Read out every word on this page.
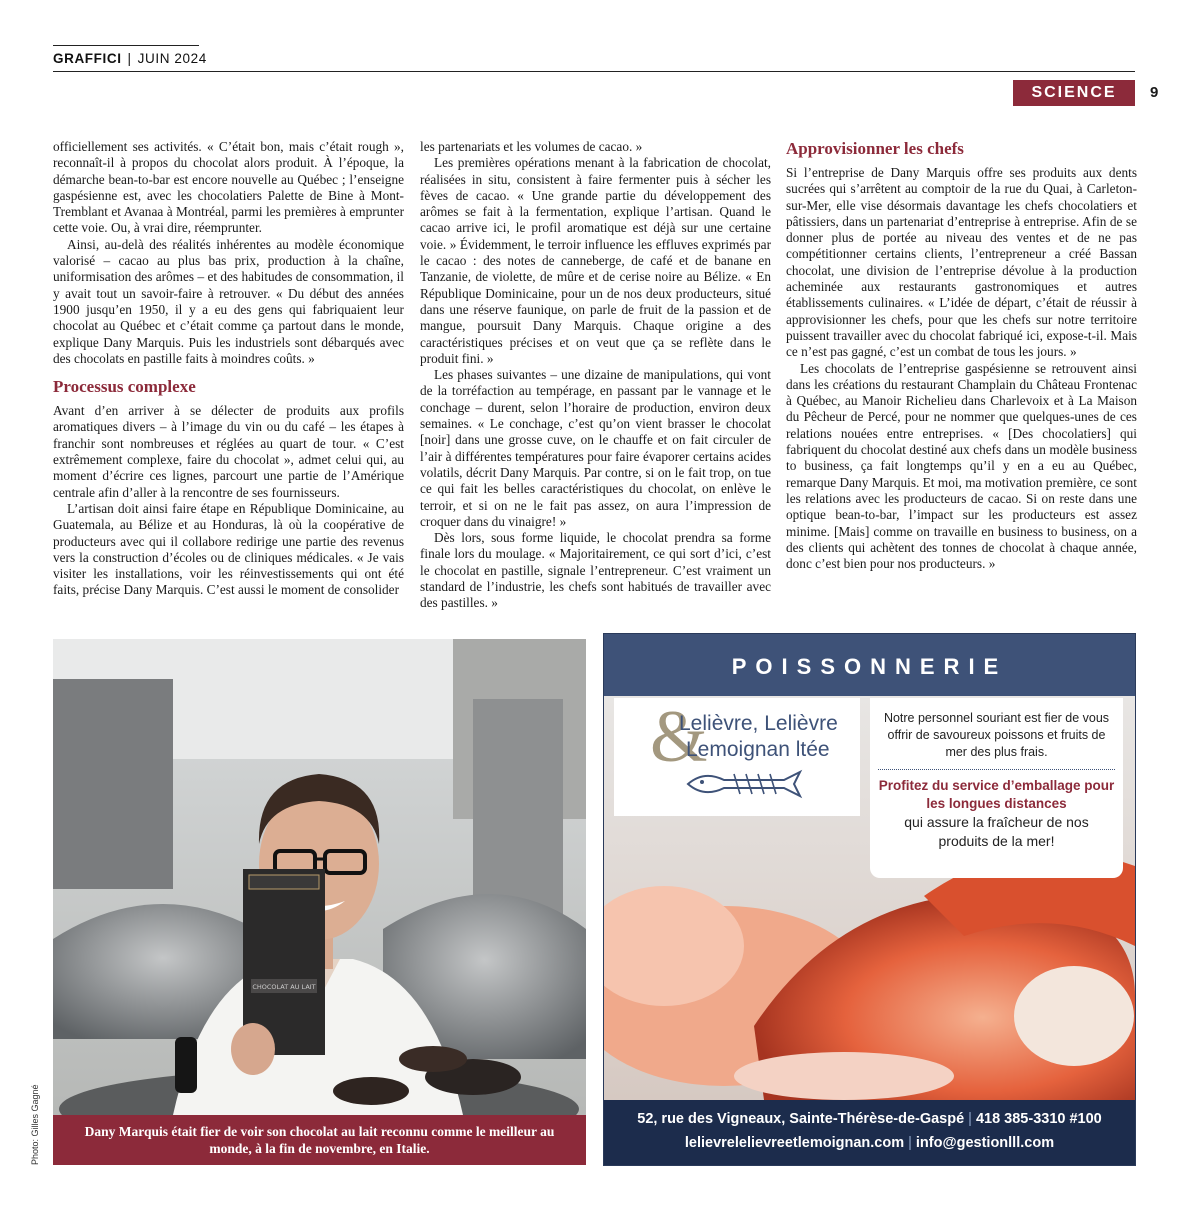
GRAFFICI | JUIN 2024
SCIENCE	9

officiellement ses activités. « C’était bon, mais c’était rough », reconnaît-il à propos du chocolat alors produit. À l’époque, la démarche bean-to-bar est encore nouvelle au Québec ; l’enseigne gaspésienne est, avec les chocolatiers Palette de Bine à Mont-Tremblant et Avanaa à Montréal, parmi les premières à emprunter cette voie. Ou, à vrai dire, réemprunter.

Ainsi, au-delà des réalités inhérentes au modèle économique valorisé – cacao au plus bas prix, production à la chaîne, uniformisation des arômes – et des habitudes de consommation, il y avait tout un savoir-faire à retrouver. « Du début des années 1900 jusqu’en 1950, il y a eu des gens qui fabriquaient leur chocolat au Québec et c’était comme ça partout dans le monde, explique Dany Marquis. Puis les industriels sont débarqués avec des chocolats en pastille faits à moindres coûts. »

Processus complexe

Avant d’en arriver à se délecter de produits aux profils aromatiques divers – à l’image du vin ou du café – les étapes à franchir sont nombreuses et réglées au quart de tour. « C’est extrêmement complexe, faire du chocolat », admet celui qui, au moment d’écrire ces lignes, parcourt une partie de l’Amérique centrale afin d’aller à la rencontre de ses fournisseurs.

L’artisan doit ainsi faire étape en République Dominicaine, au Guatemala, au Bélize et au Honduras, là où la coopérative de producteurs avec qui il collabore redirige une partie des revenus vers la construction d’écoles ou de cliniques médicales. « Je vais visiter les installations, voir les réinvestissements qui ont été faits, précise Dany Marquis. C’est aussi le moment de consolider

les partenariats et les volumes de cacao. »

Les premières opérations menant à la fabrication de chocolat, réalisées in situ, consistent à faire fermenter puis à sécher les fèves de cacao. « Une grande partie du développement des arômes se fait à la fermentation, explique l’artisan. Quand le cacao arrive ici, le profil aromatique est déjà sur une certaine voie. » Évidemment, le terroir influence les effluves exprimés par le cacao : des notes de canneberge, de café et de banane en Tanzanie, de violette, de mûre et de cerise noire au Bélize. « En République Dominicaine, pour un de nos deux producteurs, situé dans une réserve faunique, on parle de fruit de la passion et de mangue, poursuit Dany Marquis. Chaque origine a des caractéristiques précises et on veut que ça se reflète dans le produit fini. »

Les phases suivantes – une dizaine de manipulations, qui vont de la torréfaction au tempérage, en passant par le vannage et le conchage – durent, selon l’horaire de production, environ deux semaines. « Le conchage, c’est qu’on vient brasser le chocolat [noir] dans une grosse cuve, on le chauffe et on fait circuler de l’air à différentes températures pour faire évaporer certains acides volatils, décrit Dany Marquis. Par contre, si on le fait trop, on tue ce qui fait les belles caractéristiques du chocolat, on enlève le terroir, et si on ne le fait pas assez, on aura l’impression de croquer dans du vinaigre! »

Dès lors, sous forme liquide, le chocolat prendra sa forme finale lors du moulage. « Majoritairement, ce qui sort d’ici, c’est le chocolat en pastille, signale l’entrepreneur. C’est vraiment un standard de l’industrie, les chefs sont habitués de travailler avec des pastilles. »

Approvisionner les chefs

Si l’entreprise de Dany Marquis offre ses produits aux dents sucrées qui s’arrêtent au comptoir de la rue du Quai, à Carleton-sur-Mer, elle vise désormais davantage les chefs chocolatiers et pâtissiers, dans un partenariat d’entreprise à entreprise. Afin de se donner plus de portée au niveau des ventes et de ne pas compétitionner certains clients, l’entrepreneur a créé Bassan chocolat, une division de l’entreprise dévolue à la production acheminée aux restaurants gastronomiques et autres établissements culinaires. « L’idée de départ, c’était de réussir à approvisionner les chefs, pour que les chefs sur notre territoire puissent travailler avec du chocolat fabriqué ici, expose-t-il. Mais ce n’est pas gagné, c’est un combat de tous les jours. »

Les chocolats de l’entreprise gaspésienne se retrouvent ainsi dans les créations du restaurant Champlain du Château Frontenac à Québec, au Manoir Richelieu dans Charlevoix et à La Maison du Pêcheur de Percé, pour ne nommer que quelques-unes de ces relations nouées entre entreprises. « [Des chocolatiers] qui fabriquent du chocolat destiné aux chefs dans un modèle business to business, ça fait longtemps qu’il y en a eu au Québec, remarque Dany Marquis. Et moi, ma motivation première, ce sont les relations avec les producteurs de cacao. Si on reste dans une optique bean-to-bar, l’impact sur les producteurs est assez minime. [Mais] comme on travaille en business to business, on a des clients qui achètent des tonnes de chocolat à chaque année, donc c’est bien pour nos producteurs. »

CHOCOLAT AU LAIT
Dany Marquis était fier de voir son chocolat au lait reconnu comme le meilleur au monde, à la fin de novembre, en Italie.
Photo: Gilles Gagné
POISSONNERIE
&
Lelièvre, Lelièvre
Lemoignan ltée
Notre personnel souriant est fier de vous offrir de savoureux poissons et fruits de mer des plus frais.
Profitez du service d’emballage pour les longues distances
qui assure la fraîcheur de nos produits de la mer!
52, rue des Vigneaux, Sainte-Thérèse-de-Gaspé | 418 385-3310 #100
lelievrelelievreetlemoignan.com | info@gestionlll.com
